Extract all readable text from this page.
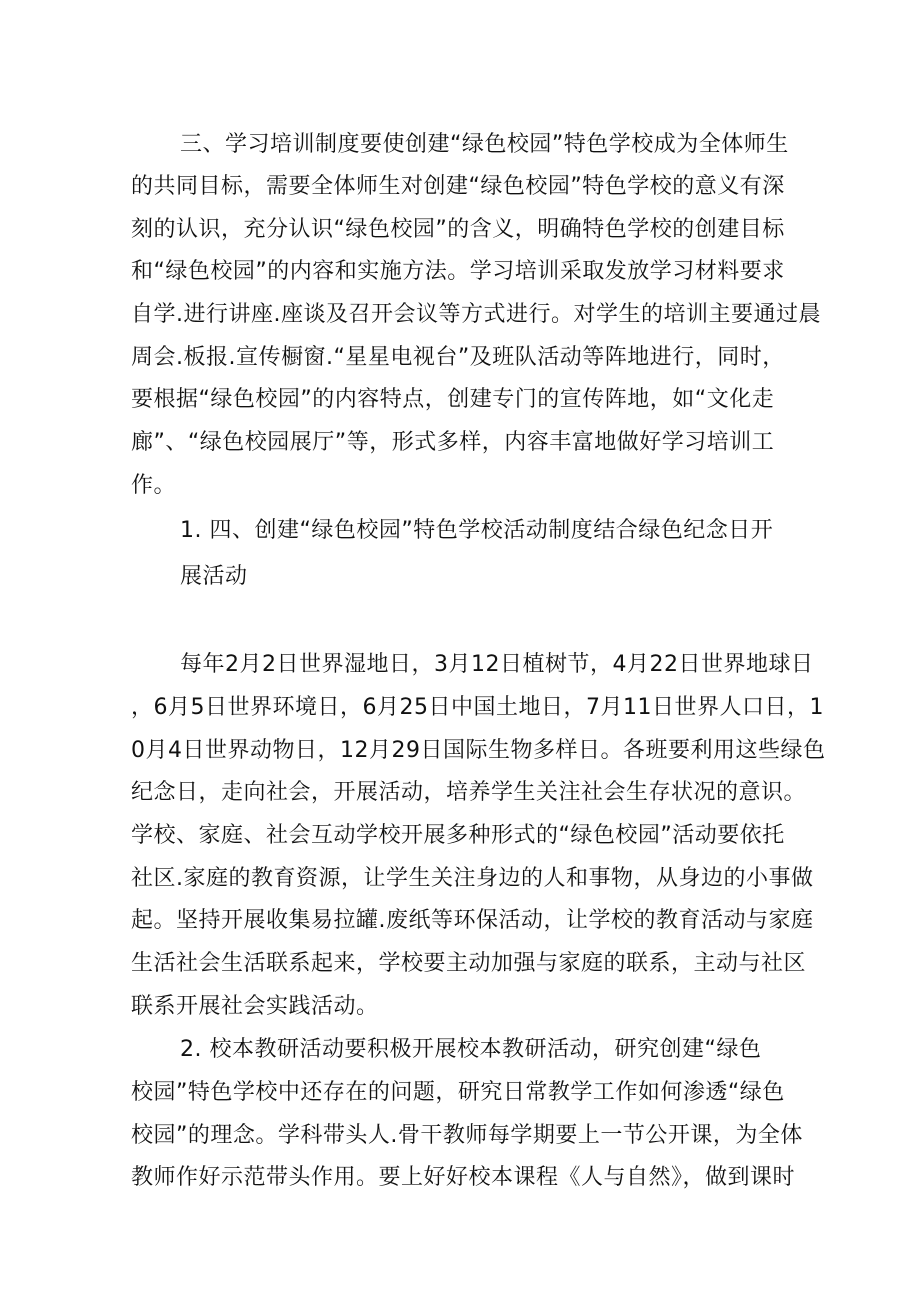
三、学习培训制度要使创建“绿色校园”特色学校成为全体师生
的共同目标，需要全体师生对创建“绿色校园”特色学校的意义有深
刻的认识，充分认识“绿色校园”的含义，明确特色学校的创建目标
和“绿色校园”的内容和实施方法。学习培训采取发放学习材料要求
自学.进行讲座.座谈及召开会议等方式进行。对学生的培训主要通过晨
周会.板报.宣传橱窗.“星星电视台”及班队活动等阵地进行，同时，
要根据“绿色校园”的内容特点，创建专门的宣传阵地，如“文化走
廊”、“绿色校园展厅”等，形式多样，内容丰富地做好学习培训工
作。
1. 四、创建“绿色校园”特色学校活动制度结合绿色纪念日开
展活动
每年2月2日世界湿地日，3月12日植树节，4月22日世界地球日
，6月5日世界环境日，6月25日中国土地日，7月11日世界人口日，1
0月4日世界动物日，12月29日国际生物多样日。各班要利用这些绿色
纪念日，走向社会，开展活动，培养学生关注社会生存状况的意识。
学校、家庭、社会互动学校开展多种形式的“绿色校园”活动要依托
社区.家庭的教育资源，让学生关注身边的人和事物，从身边的小事做
起。坚持开展收集易拉罐.废纸等环保活动，让学校的教育活动与家庭
生活社会生活联系起来，学校要主动加强与家庭的联系，主动与社区
联系开展社会实践活动。
2. 校本教研活动要积极开展校本教研活动，研究创建“绿色
校园”特色学校中还存在的问题，研究日常教学工作如何渗透“绿色
校园”的理念。学科带头人.骨干教师每学期要上一节公开课，为全体
教师作好示范带头作用。要上好好校本课程《人与自然》，做到课时
